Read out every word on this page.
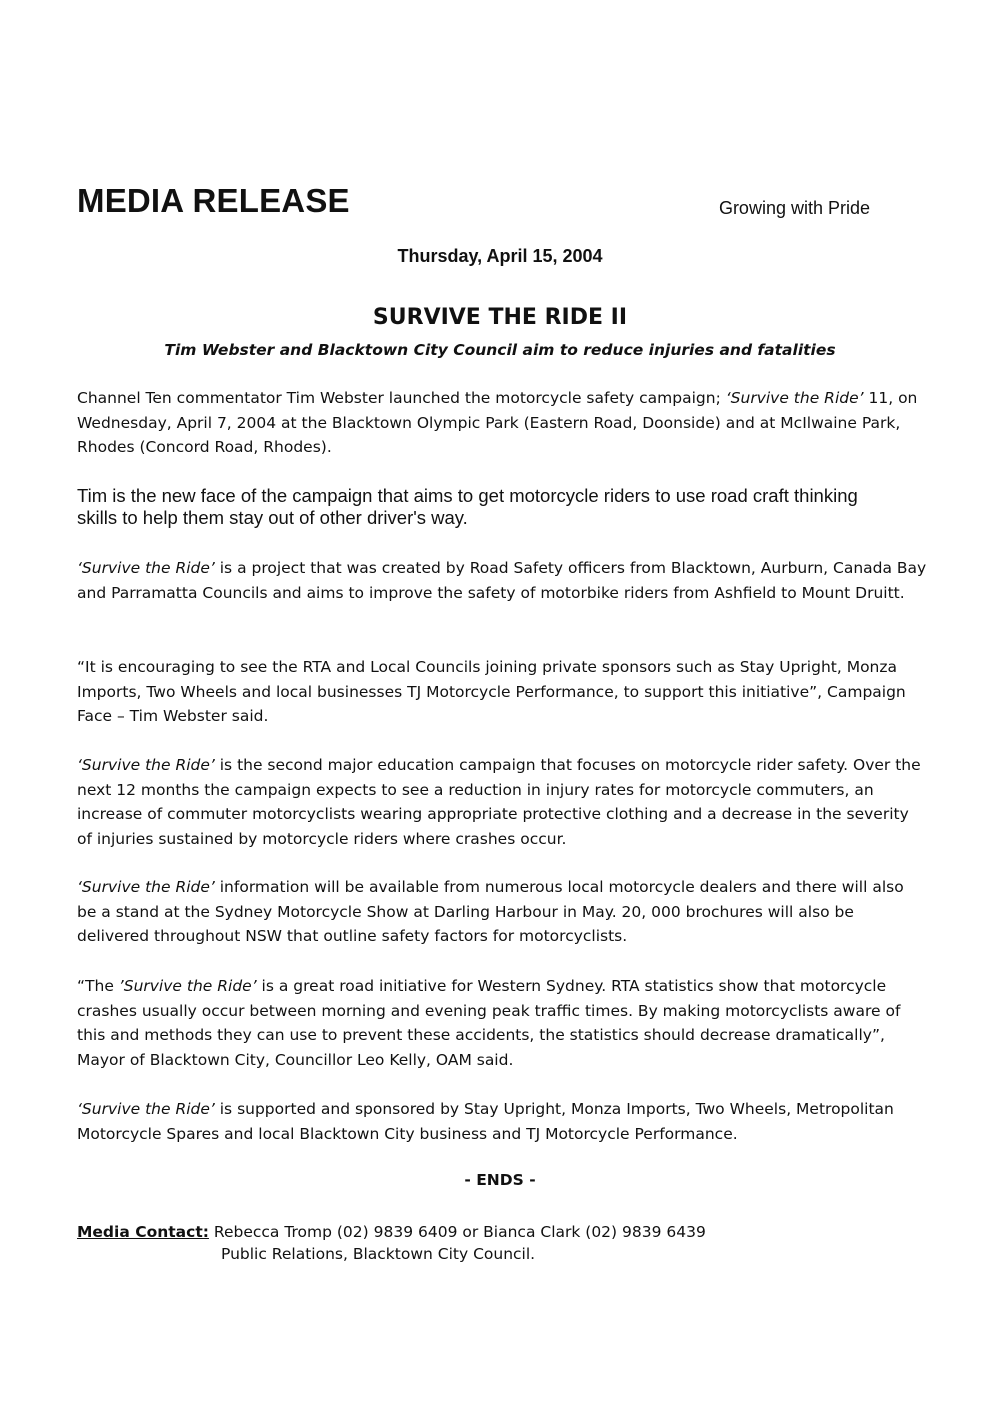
MEDIA RELEASE	Growing with Pride
Thursday, April 15, 2004
SURVIVE THE RIDE II
Tim Webster and Blacktown City Council aim to reduce injuries and fatalities

Channel Ten commentator Tim Webster launched the motorcycle safety campaign; ‘Survive the Ride’ 11, on Wednesday, April 7, 2004 at the Blacktown Olympic Park (Eastern Road, Doonside) and at McIlwaine Park, Rhodes (Concord Road, Rhodes).

Tim is the new face of the campaign that aims to get motorcycle riders to use road craft thinking skills to help them stay out of other driver's way.

‘Survive the Ride’ is a project that was created by Road Safety officers from Blacktown, Aurburn, Canada Bay and Parramatta Councils and aims to improve the safety of motorbike riders from Ashfield to Mount Druitt.

“It is encouraging to see the RTA and Local Councils joining private sponsors such as Stay Upright, Monza Imports, Two Wheels and local businesses TJ Motorcycle Performance, to support this initiative”, Campaign Face – Tim Webster said.

‘Survive the Ride’ is the second major education campaign that focuses on motorcycle rider safety. Over the next 12 months the campaign expects to see a reduction in injury rates for motorcycle commuters, an increase of commuter motorcyclists wearing appropriate protective clothing and a decrease in the severity of injuries sustained by motorcycle riders where crashes occur.

‘Survive the Ride’ information will be available from numerous local motorcycle dealers and there will also be a stand at the Sydney Motorcycle Show at Darling Harbour in May. 20, 000 brochures will also be delivered throughout NSW that outline safety factors for motorcyclists.

“The ’Survive the Ride’ is a great road initiative for Western Sydney. RTA statistics show that motorcycle crashes usually occur between morning and evening peak traffic times. By making motorcyclists aware of this and methods they can use to prevent these accidents, the statistics should decrease dramatically”, Mayor of Blacktown City, Councillor Leo Kelly, OAM said.

‘Survive the Ride’ is supported and sponsored by Stay Upright, Monza Imports, Two Wheels, Metropolitan Motorcycle Spares and local Blacktown City business and TJ Motorcycle Performance.

- ENDS -
Media Contact: Rebecca Tromp (02) 9839 6409 or Bianca Clark (02) 9839 6439
Public Relations, Blacktown City Council.
